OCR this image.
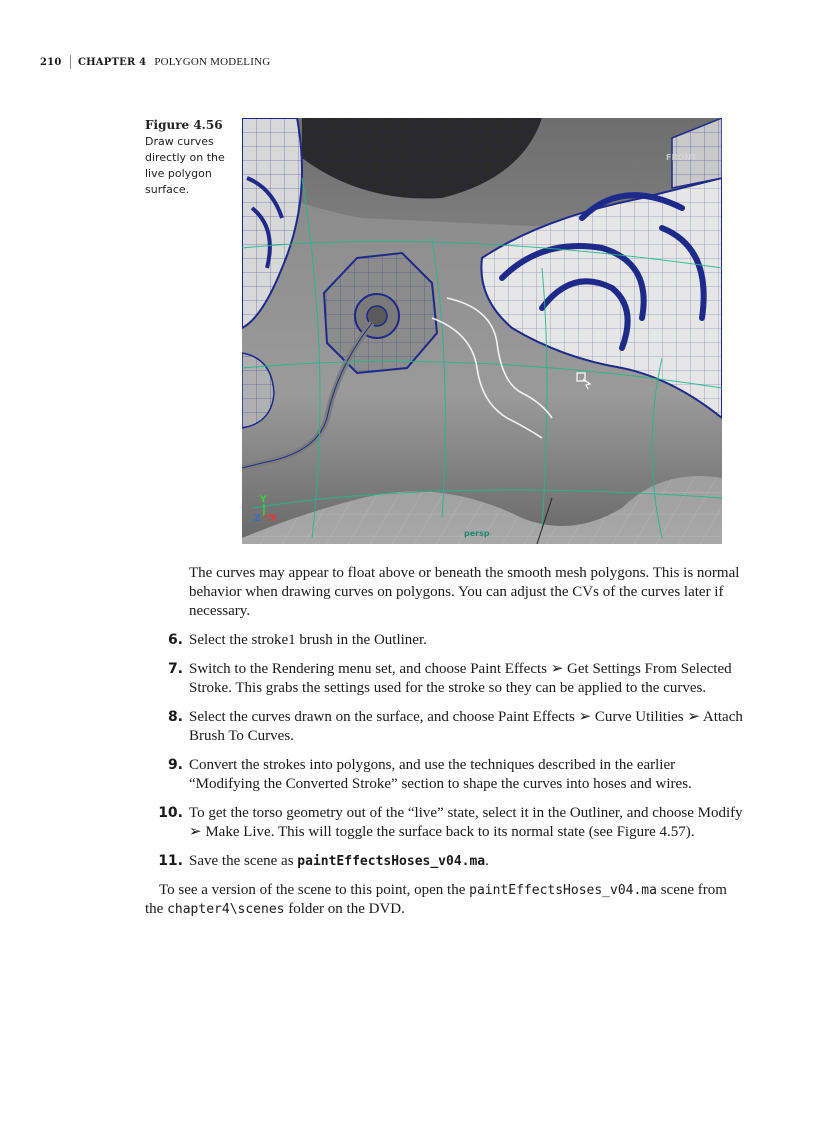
210	CHAPTER 4 POLYGON MODELING
Figure 4.56
Draw curves directly on the live polygon surface.
Y
Z X
persp
FRONT
The curves may appear to float above or beneath the smooth mesh polygons. This is normal behavior when drawing curves on polygons. You can adjust the CVs of the curves later if necessary.
6. Select the stroke1 brush in the Outliner.
7. Switch to the Rendering menu set, and choose Paint Effects ➢ Get Settings From Selected Stroke. This grabs the settings used for the stroke so they can be applied to the curves.
8. Select the curves drawn on the surface, and choose Paint Effects ➢ Curve Utilities ➢ Attach Brush To Curves.
9. Convert the strokes into polygons, and use the techniques described in the earlier “Modifying the Converted Stroke” section to shape the curves into hoses and wires.
10. To get the torso geometry out of the “live” state, select it in the Outliner, and choose Modify ➢ Make Live. This will toggle the surface back to its normal state (see Figure 4.57).
11. Save the scene as paintEffectsHoses_v04.ma.
To see a version of the scene to this point, open the paintEffectsHoses_v04.ma scene from the chapter4\scenes folder on the DVD.
